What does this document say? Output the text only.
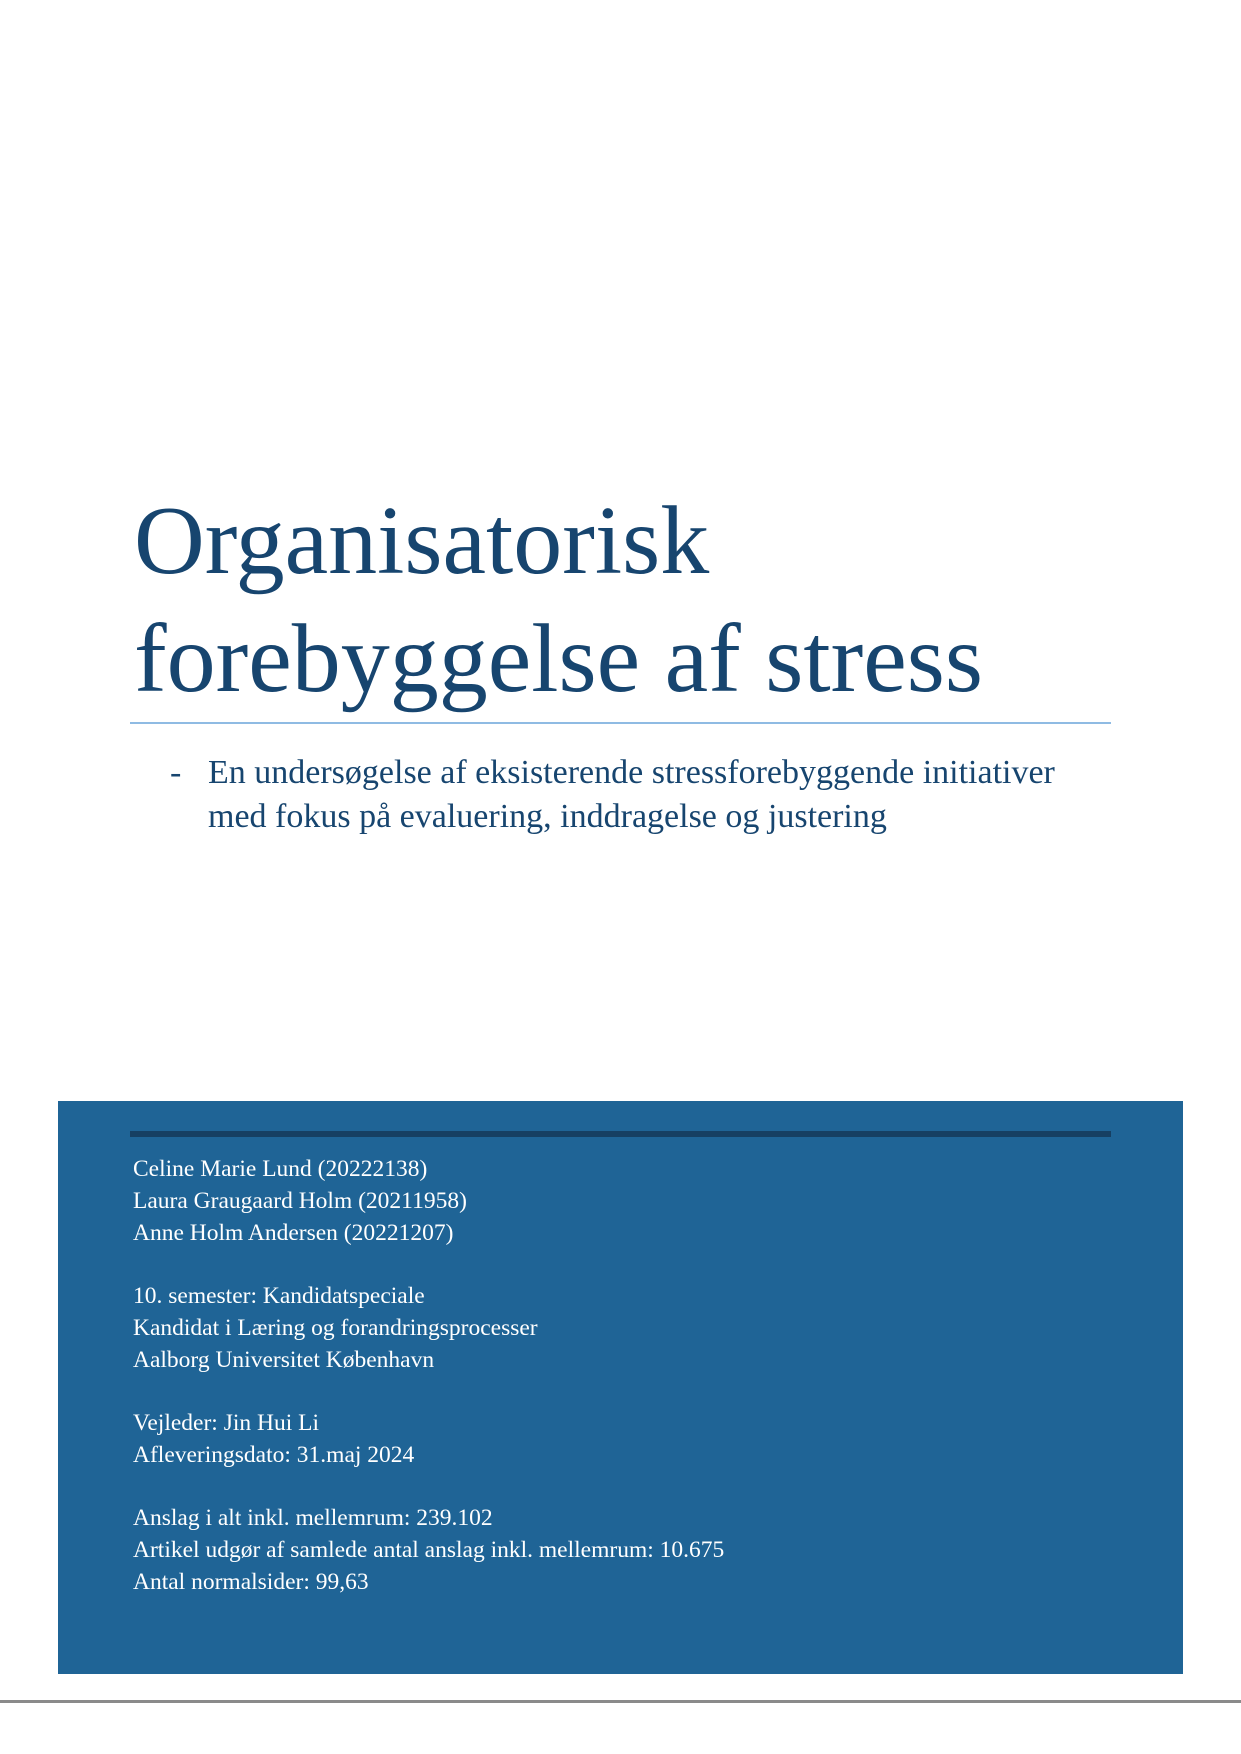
Organisatorisk
forebyggelse af stress
- En undersøgelse af eksisterende stressforebyggende initiativer med fokus på evaluering, inddragelse og justering
Celine Marie Lund (20222138)
Laura Graugaard Holm (20211958)
Anne Holm Andersen (20221207)
10. semester: Kandidatspeciale
Kandidat i Læring og forandringsprocesser
Aalborg Universitet København
Vejleder: Jin Hui Li
Afleveringsdato: 31.maj 2024
Anslag i alt inkl. mellemrum: 239.102
Artikel udgør af samlede antal anslag inkl. mellemrum: 10.675
Antal normalsider: 99,63
